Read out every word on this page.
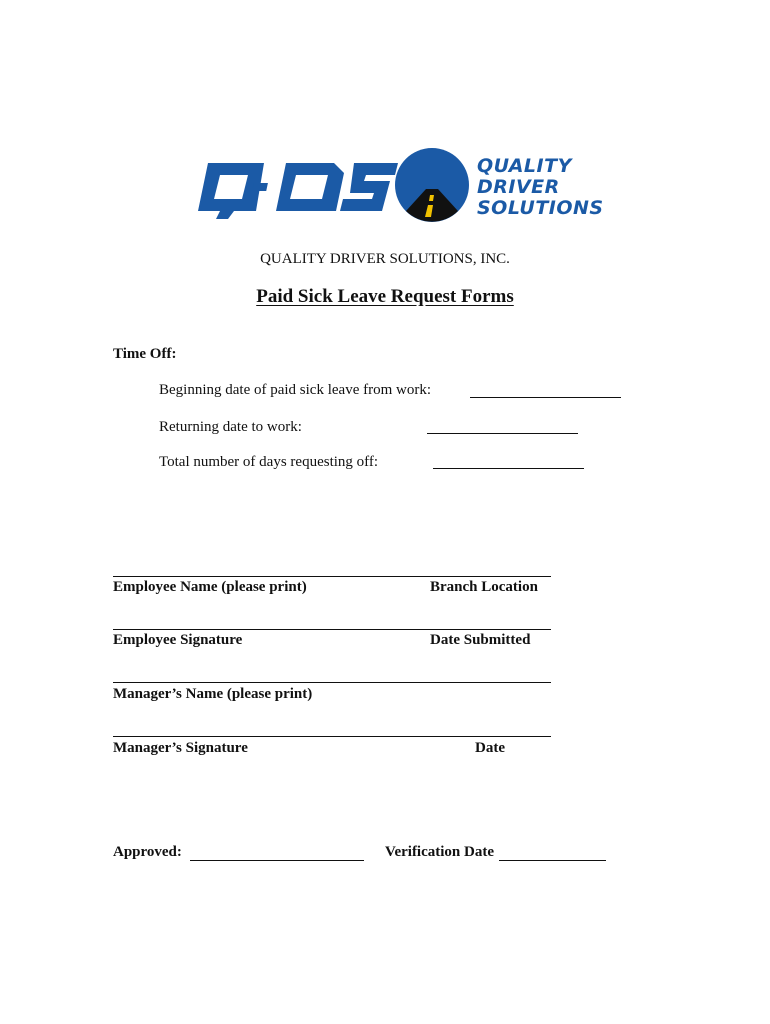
QUALITY
DRIVER
SOLUTIONS
QUALITY DRIVER SOLUTIONS, INC.
Paid Sick Leave Request Forms
Time Off:
Beginning date of paid sick leave from work:
Returning date to work:
Total number of days requesting off:
Employee Name (please print)	Branch Location
Employee Signature	Date Submitted
Manager’s Name (please print)
Manager’s Signature	Date
Approved:	Verification Date
